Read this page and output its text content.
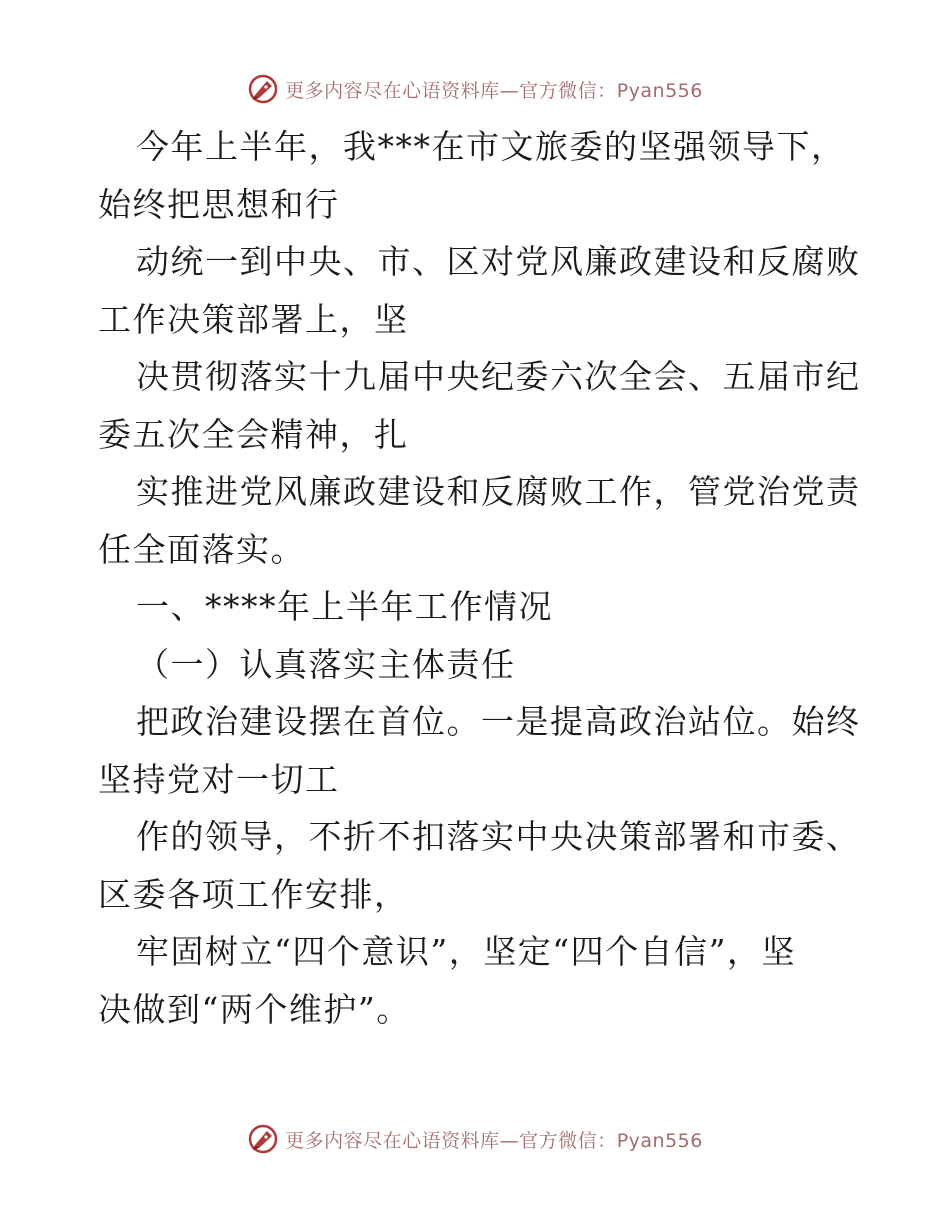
更多内容尽在心语资料库—官方微信：Pyan556

今年上半年，我***在市文旅委的坚强领导下，

始终把思想和行

动统一到中央、市、区对党风廉政建设和反腐败

工作决策部署上，坚

决贯彻落实十九届中央纪委六次全会、五届市纪

委五次全会精神，扎

实推进党风廉政建设和反腐败工作，管党治党责

任全面落实。

一、****年上半年工作情况

（一）认真落实主体责任

把政治建设摆在首位。一是提高政治站位。始终

坚持党对一切工

作的领导，不折不扣落实中央决策部署和市委、

区委各项工作安排，

牢固树立“四个意识”，坚定“四个自信”，坚

决做到“两个维护”。

更多内容尽在心语资料库—官方微信：Pyan556
